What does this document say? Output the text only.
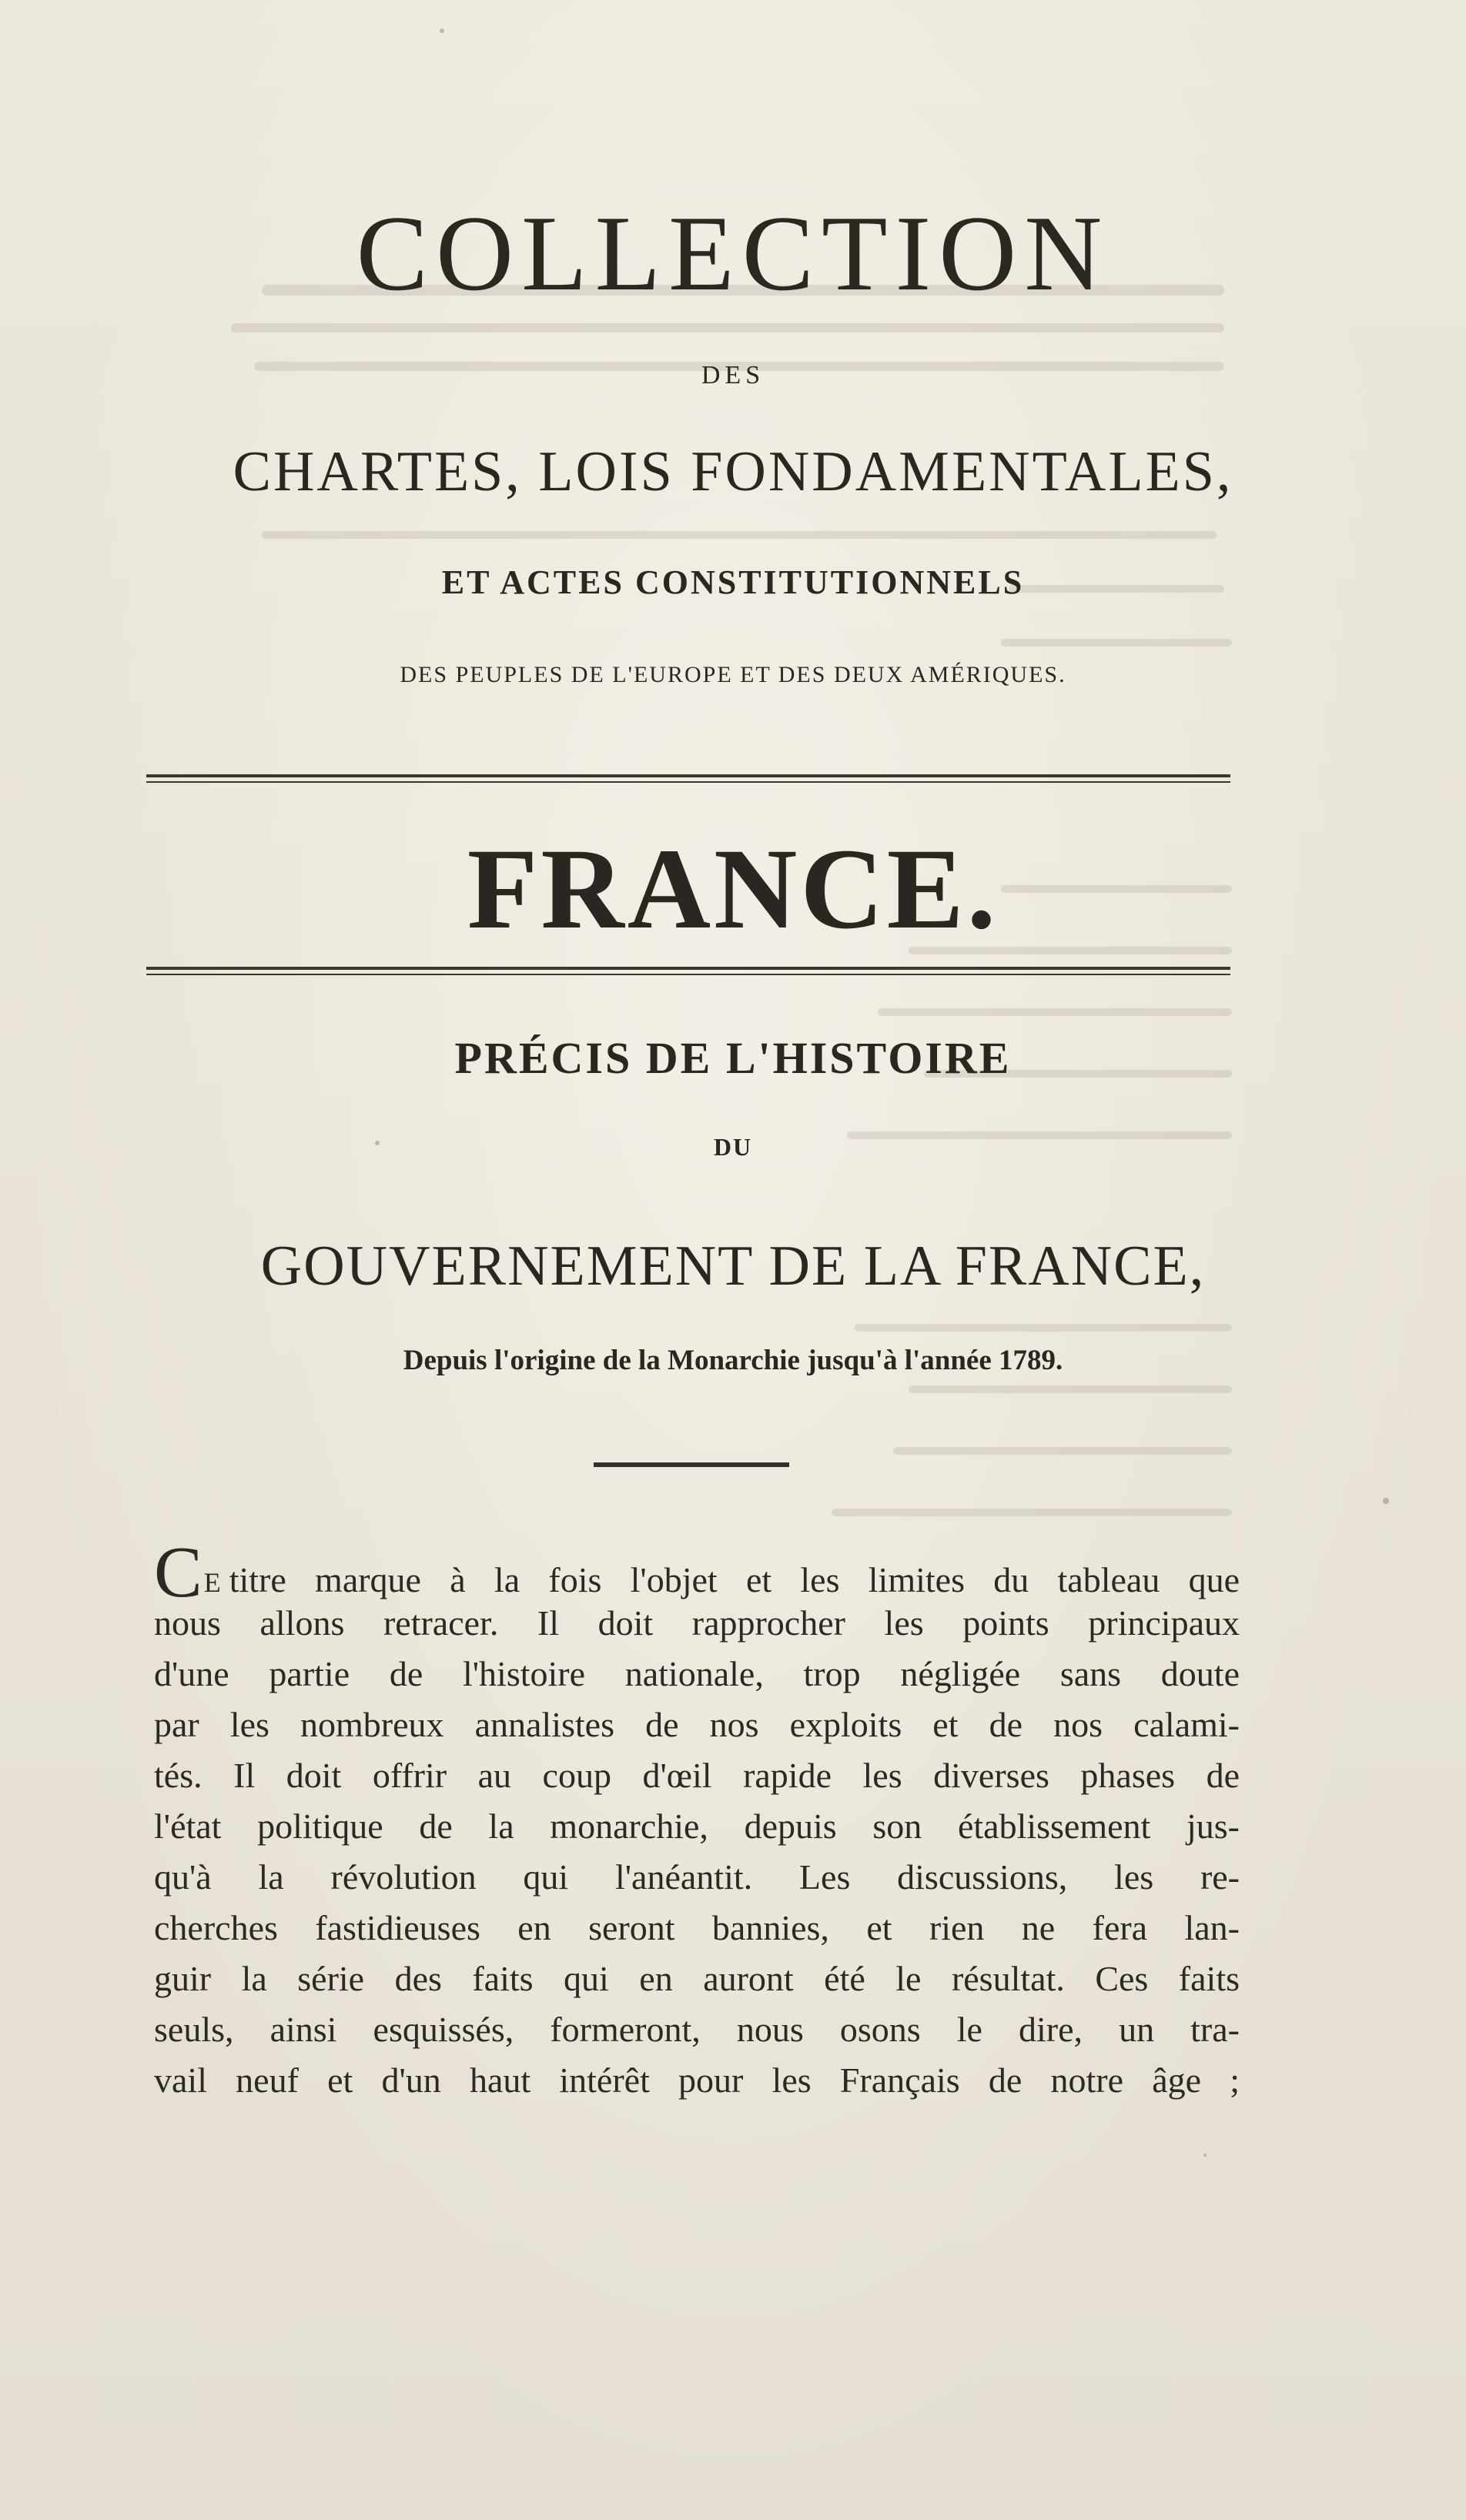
COLLECTION
DES
CHARTES, LOIS FONDAMENTALES,
ET ACTES CONSTITUTIONNELS
DES PEUPLES DE L'EUROPE ET DES DEUX AMÉRIQUES.
FRANCE.
PRÉCIS DE L'HISTOIRE
DU
GOUVERNEMENT DE LA FRANCE,
Depuis l'origine de la Monarchie jusqu'à l'année 1789.
CE titre marque à la fois l'objet et les limites du tableau que
nous allons retracer. Il doit rapprocher les points principaux
d'une partie de l'histoire nationale, trop négligée sans doute
par les nombreux annalistes de nos exploits et de nos calami-
tés. Il doit offrir au coup d'œil rapide les diverses phases de
l'état politique de la monarchie, depuis son établissement jus-
qu'à la révolution qui l'anéantit. Les discussions, les re-
cherches fastidieuses en seront bannies, et rien ne fera lan-
guir la série des faits qui en auront été le résultat. Ces faits
seuls, ainsi esquissés, formeront, nous osons le dire, un tra-
vail neuf et d'un haut intérêt pour les Français de notre âge ;
